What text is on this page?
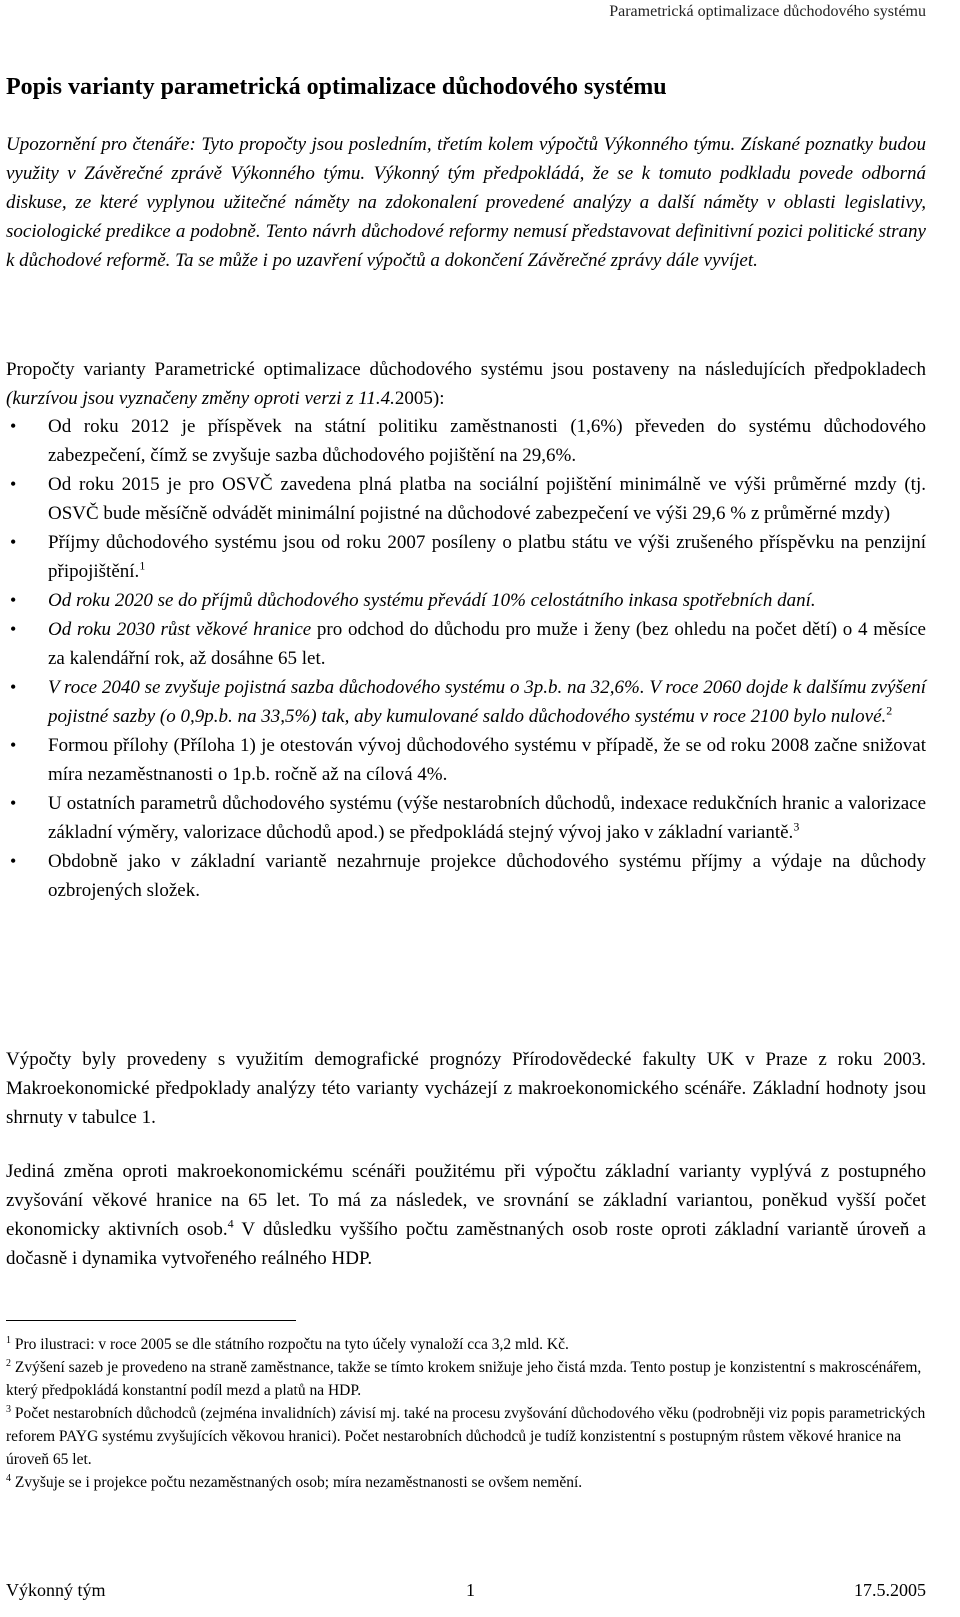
Parametrická optimalizace důchodového systému
Popis varianty parametrická optimalizace důchodového systému

Upozornění pro čtenáře: Tyto propočty jsou posledním, třetím kolem výpočtů Výkonného týmu. Získané poznatky budou využity v Závěrečné zprávě Výkonného týmu. Výkonný tým předpokládá, že se k tomuto podkladu povede odborná diskuse, ze které vyplynou užitečné náměty na zdokonalení provedené analýzy a další náměty v oblasti legislativy, sociologické predikce a podobně. Tento návrh důchodové reformy nemusí představovat definitivní pozici politické strany k důchodové reformě. Ta se může i po uzavření výpočtů a dokončení Závěrečné zprávy dále vyvíjet.

Propočty varianty Parametrické optimalizace důchodového systému jsou postaveny na následujících předpokladech (kurzívou jsou vyznačeny změny oproti verzi z 11.4.2005):

• Od roku 2012 je příspěvek na státní politiku zaměstnanosti (1,6%) převeden do systému důchodového zabezpečení, čímž se zvyšuje sazba důchodového pojištění na 29,6%.
• Od roku 2015 je pro OSVČ zavedena plná platba na sociální pojištění minimálně ve výši průměrné mzdy (tj. OSVČ bude měsíčně odvádět minimální pojistné na důchodové zabezpečení ve výši 29,6 % z průměrné mzdy)
• Příjmy důchodového systému jsou od roku 2007 posíleny o platbu státu ve výši zrušeného příspěvku na penzijní připojištění.$^1$
• Od roku 2020 se do příjmů důchodového systému převádí 10% celostátního inkasa spotřebních daní.
• Od roku 2030 růst věkové hranice pro odchod do důchodu pro muže i ženy (bez ohledu na počet dětí) o 4 měsíce za kalendářní rok, až dosáhne 65 let.
• V roce 2040 se zvyšuje pojistná sazba důchodového systému o 3p.b. na 32,6%. V roce 2060 dojde k dalšímu zvýšení pojistné sazby (o 0,9p.b. na 33,5%) tak, aby kumulované saldo důchodového systému v roce 2100 bylo nulové.$^2$
• Formou přílohy (Příloha 1) je otestován vývoj důchodového systému v případě, že se od roku 2008 začne snižovat míra nezaměstnanosti o 1p.b. ročně až na cílová 4%.
• U ostatních parametrů důchodového systému (výše nestarobních důchodů, indexace redukčních hranic a valorizace základní výměry, valorizace důchodů apod.) se předpokládá stejný vývoj jako v základní variantě.$^3$
• Obdobně jako v základní variantě nezahrnuje projekce důchodového systému příjmy a výdaje na důchody ozbrojených složek.

Výpočty byly provedeny s využitím demografické prognózy Přírodovědecké fakulty UK v Praze z roku 2003. Makroekonomické předpoklady analýzy této varianty vycházejí z makroekonomického scénáře. Základní hodnoty jsou shrnuty v tabulce 1.

Jediná změna oproti makroekonomickému scénáři použitému při výpočtu základní varianty vyplývá z postupného zvyšování věkové hranice na 65 let. To má za následek, ve srovnání se základní variantou, poněkud vyšší počet ekonomicky aktivních osob.$^4$ V důsledku vyššího počtu zaměstnaných osob roste oproti základní variantě úroveň a dočasně i dynamika vytvořeného reálného HDP.

$^1$ Pro ilustraci: v roce 2005 se dle státního rozpočtu na tyto účely vynaloží cca 3,2 mld. Kč.
$^2$ Zvýšení sazeb je provedeno na straně zaměstnance, takže se tímto krokem snižuje jeho čistá mzda. Tento postup je konzistentní s makroscénářem, který předpokládá konstantní podíl mezd a platů na HDP.
$^3$ Počet nestarobních důchodců (zejména invalidních) závisí mj. také na procesu zvyšování důchodového věku (podrobněji viz popis parametrických reforem PAYG systému zvyšujících věkovou hranici). Počet nestarobních důchodců je tudíž konzistentní s postupným růstem věkové hranice na úroveň 65 let.
$^4$ Zvyšuje se i projekce počtu nezaměstnaných osob; míra nezaměstnanosti se ovšem nemění.
Výkonný tým	1	17.5.2005
